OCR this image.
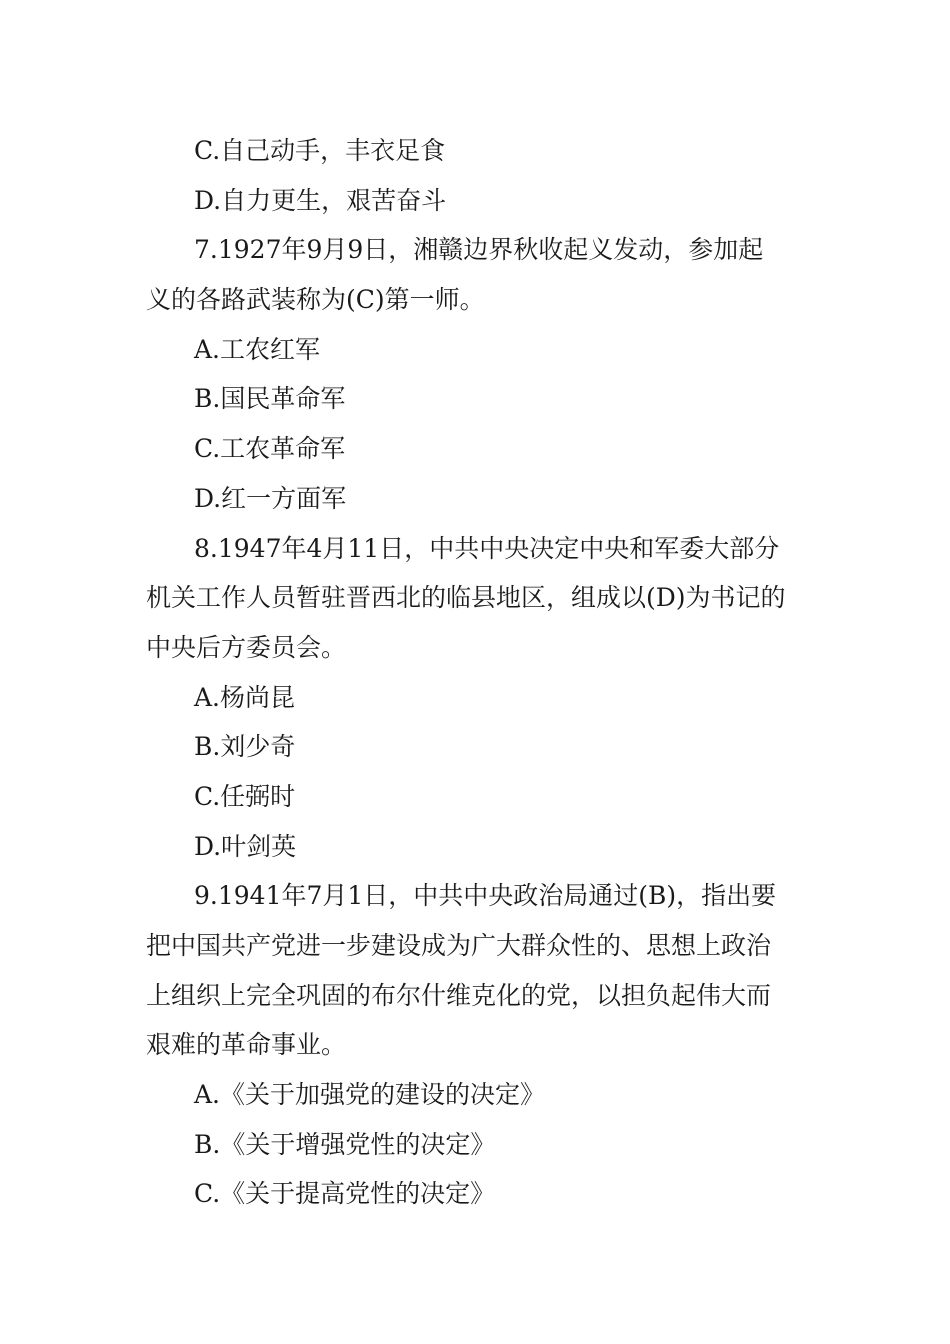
C.自己动手，丰衣足食

D.自力更生，艰苦奋斗

7.1927年9月9日，湘赣边界秋收起义发动，参加起

义的各路武装称为(C)第一师。

A.工农红军

B.国民革命军

C.工农革命军

D.红一方面军

8.1947年4月11日，中共中央决定中央和军委大部分

机关工作人员暂驻晋西北的临县地区，组成以(D)为书记的

中央后方委员会。

A.杨尚昆

B.刘少奇

C.任弼时

D.叶剑英

9.1941年7月1日，中共中央政治局通过(B)，指出要

把中国共产党进一步建设成为广大群众性的、思想上政治

上组织上完全巩固的布尔什维克化的党，以担负起伟大而

艰难的革命事业。

A.《关于加强党的建设的决定》

B.《关于增强党性的决定》

C.《关于提高党性的决定》
